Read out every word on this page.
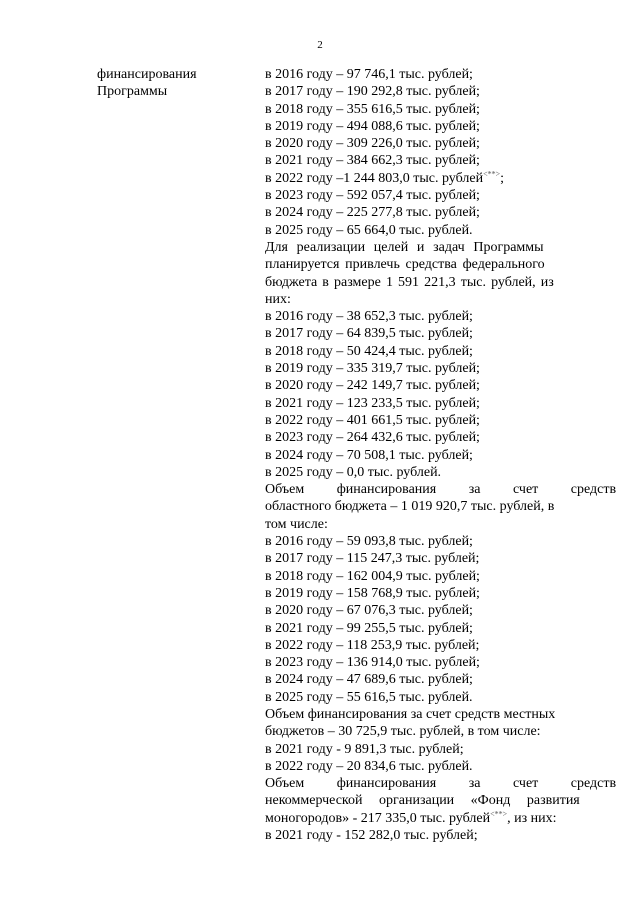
2
финансирования
Программы
в 2016 году – 97 746,1 тыс. рублей;
в 2017 году – 190 292,8 тыс. рублей;
в 2018 году – 355 616,5 тыс. рублей;
в 2019 году – 494 088,6 тыс. рублей;
в 2020 году – 309 226,0 тыс. рублей;
в 2021 году – 384 662,3 тыс. рублей;
в 2022 году –1 244 803,0 тыс. рублей<**>;
в 2023 году – 592 057,4 тыс. рублей;
в 2024 году – 225 277,8 тыс. рублей;
в 2025 году – 65 664,0 тыс. рублей.
Для реализации целей и задач Программы
планируется привлечь средства федерального
бюджета в размере 1 591 221,3 тыс. рублей, из
них:
в 2016 году – 38 652,3 тыс. рублей;
в 2017 году – 64 839,5 тыс. рублей;
в 2018 году – 50 424,4 тыс. рублей;
в 2019 году – 335 319,7 тыс. рублей;
в 2020 году – 242 149,7 тыс. рублей;
в 2021 году – 123 233,5 тыс. рублей;
в 2022 году – 401 661,5 тыс. рублей;
в 2023 году – 264 432,6 тыс. рублей;
в 2024 году – 70 508,1 тыс. рублей;
в 2025 году – 0,0 тыс. рублей.
Объем финансирования за счет средств
областного бюджета – 1 019 920,7 тыс. рублей, в
том числе:
в 2016 году – 59 093,8 тыс. рублей;
в 2017 году – 115 247,3 тыс. рублей;
в 2018 году – 162 004,9 тыс. рублей;
в 2019 году – 158 768,9 тыс. рублей;
в 2020 году – 67 076,3 тыс. рублей;
в 2021 году – 99 255,5 тыс. рублей;
в 2022 году – 118 253,9 тыс. рублей;
в 2023 году – 136 914,0 тыс. рублей;
в 2024 году – 47 689,6 тыс. рублей;
в 2025 году – 55 616,5 тыс. рублей.
Объем финансирования за счет средств местных
бюджетов – 30 725,9 тыс. рублей, в том числе:
в 2021 году - 9 891,3 тыс. рублей;
в 2022 году – 20 834,6 тыс. рублей.
Объем финансирования за счет средств
некоммерческой организации «Фонд развития
моногородов» - 217 335,0 тыс. рублей<**>, из них:
в 2021 году - 152 282,0 тыс. рублей;
